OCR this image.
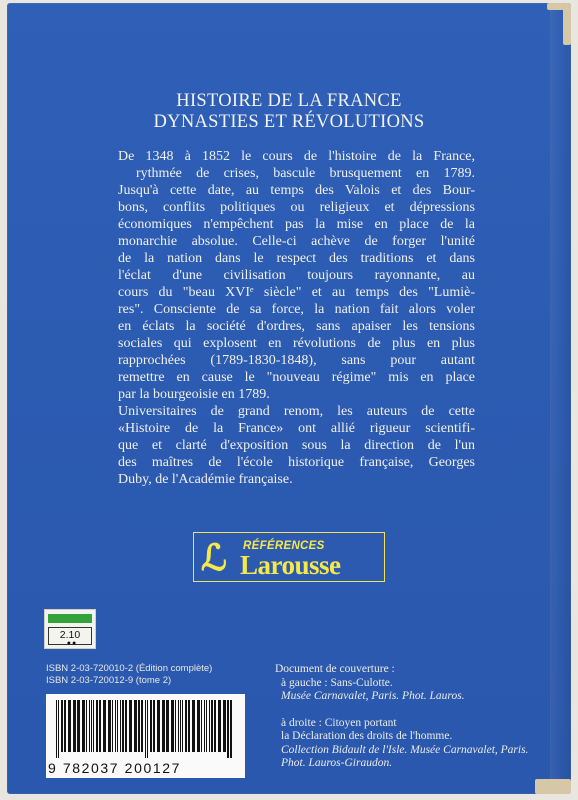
HISTOIRE DE LA FRANCE
DYNASTIES ET RÉVOLUTIONS
De 1348 à 1852 le cours de l'histoire de la France,
rythmée de crises, bascule brusquement en 1789.
Jusqu'à cette date, au temps des Valois et des Bour-
bons, conflits politiques ou religieux et dépressions
économiques n'empêchent pas la mise en place de la
monarchie absolue. Celle-ci achève de forger l'unité
de la nation dans le respect des traditions et dans
l'éclat d'une civilisation toujours rayonnante, au
cours du "beau XVIᵉ siècle" et au temps des "Lumiè-
res". Consciente de sa force, la nation fait alors voler
en éclats la société d'ordres, sans apaiser les tensions
sociales qui explosent en révolutions de plus en plus
rapprochées (1789-1830-1848), sans pour autant
remettre en cause le "nouveau régime" mis en place
par la bourgeoisie en 1789.
Universitaires de grand renom, les auteurs de cette
«Histoire de la France» ont allié rigueur scientifi-
que et clarté d'exposition sous la direction de l'un
des maîtres de l'école historique française, Georges
Duby, de l'Académie française.
ℒ RÉFÉRENCES
Larousse
2.10
●●
ISBN 2-03-720010-2 (Édition complète)
ISBN 2-03-720012-9 (tome 2)
Document de couverture :
à gauche : Sans-Culotte.
Musée Carnavalet, Paris. Phot. Lauros.
à droite : Citoyen portant
la Déclaration des droits de l'homme.
Collection Bidault de l'Isle. Musée Carnavalet, Paris.
Phot. Lauros-Giraudon.
9 782037 200127
